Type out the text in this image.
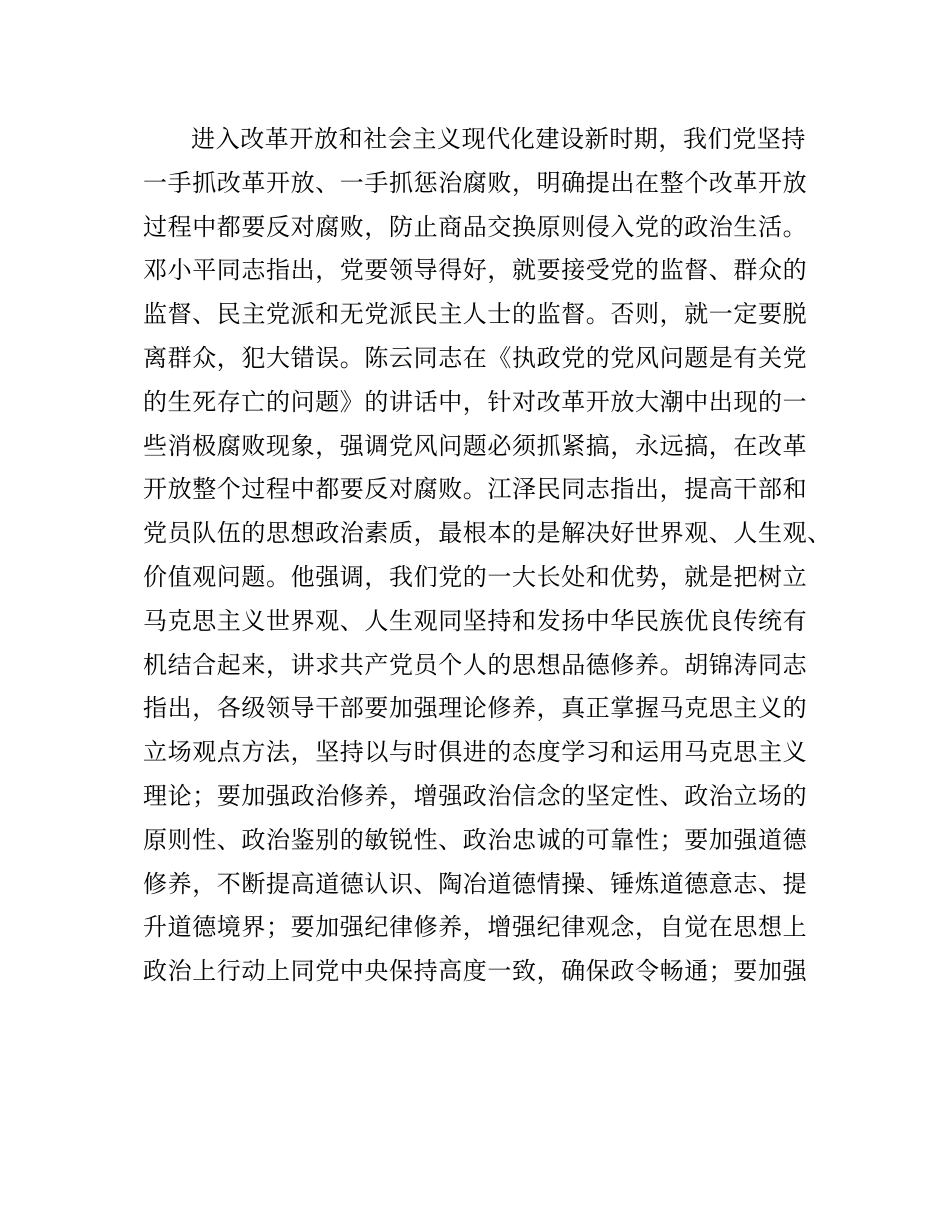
进入改革开放和社会主义现代化建设新时期，我们党坚持
一手抓改革开放、一手抓惩治腐败，明确提出在整个改革开放
过程中都要反对腐败，防止商品交换原则侵入党的政治生活。
邓小平同志指出，党要领导得好，就要接受党的监督、群众的
监督、民主党派和无党派民主人士的监督。否则，就一定要脱
离群众，犯大错误。陈云同志在《执政党的党风问题是有关党
的生死存亡的问题》的讲话中，针对改革开放大潮中出现的一
些消极腐败现象，强调党风问题必须抓紧搞，永远搞，在改革
开放整个过程中都要反对腐败。江泽民同志指出，提高干部和
党员队伍的思想政治素质，最根本的是解决好世界观、人生观、
价值观问题。他强调，我们党的一大长处和优势，就是把树立
马克思主义世界观、人生观同坚持和发扬中华民族优良传统有
机结合起来，讲求共产党员个人的思想品德修养。胡锦涛同志
指出，各级领导干部要加强理论修养，真正掌握马克思主义的
立场观点方法，坚持以与时俱进的态度学习和运用马克思主义
理论；要加强政治修养，增强政治信念的坚定性、政治立场的
原则性、政治鉴别的敏锐性、政治忠诚的可靠性；要加强道德
修养，不断提高道德认识、陶冶道德情操、锤炼道德意志、提
升道德境界；要加强纪律修养，增强纪律观念，自觉在思想上
政治上行动上同党中央保持高度一致，确保政令畅通；要加强
